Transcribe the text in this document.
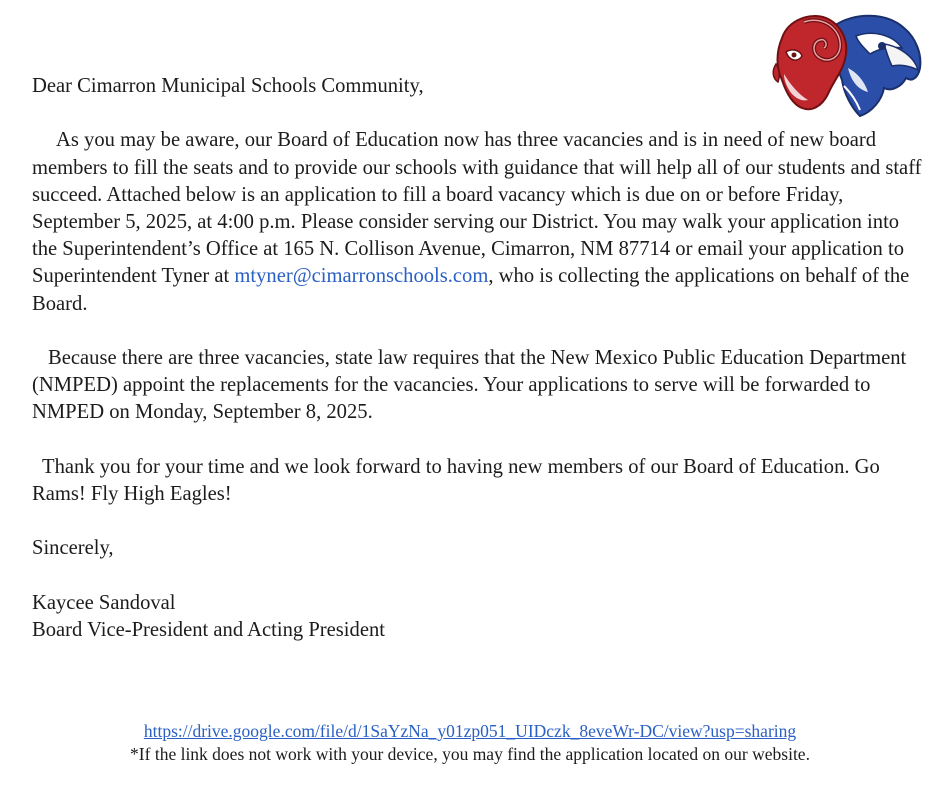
Dear Cimarron Municipal Schools Community,

As you may be aware, our Board of Education now has three vacancies and is in need of new board members to fill the seats and to provide our schools with guidance that will help all of our students and staff succeed. Attached below is an application to fill a board vacancy which is due on or before Friday, September 5, 2025, at 4:00 p.m. Please consider serving our District. You may walk your application into the Superintendent’s Office at 165 N. Collison Avenue, Cimarron, NM 87714 or email your application to Superintendent Tyner at mtyner@cimarronschools.com, who is collecting the applications on behalf of the Board.

Because there are three vacancies, state law requires that the New Mexico Public Education Department (NMPED) appoint the replacements for the vacancies. Your applications to serve will be forwarded to NMPED on Monday, September 8, 2025.

Thank you for your time and we look forward to having new members of our Board of Education. Go Rams! Fly High Eagles!

Sincerely,

Kaycee Sandoval

Board Vice-President and Acting President

https://drive.google.com/file/d/1SaYzNa_y01zp051_UIDczk_8eveWr-DC/view?usp=sharing
*If the link does not work with your device, you may find the application located on our website.
